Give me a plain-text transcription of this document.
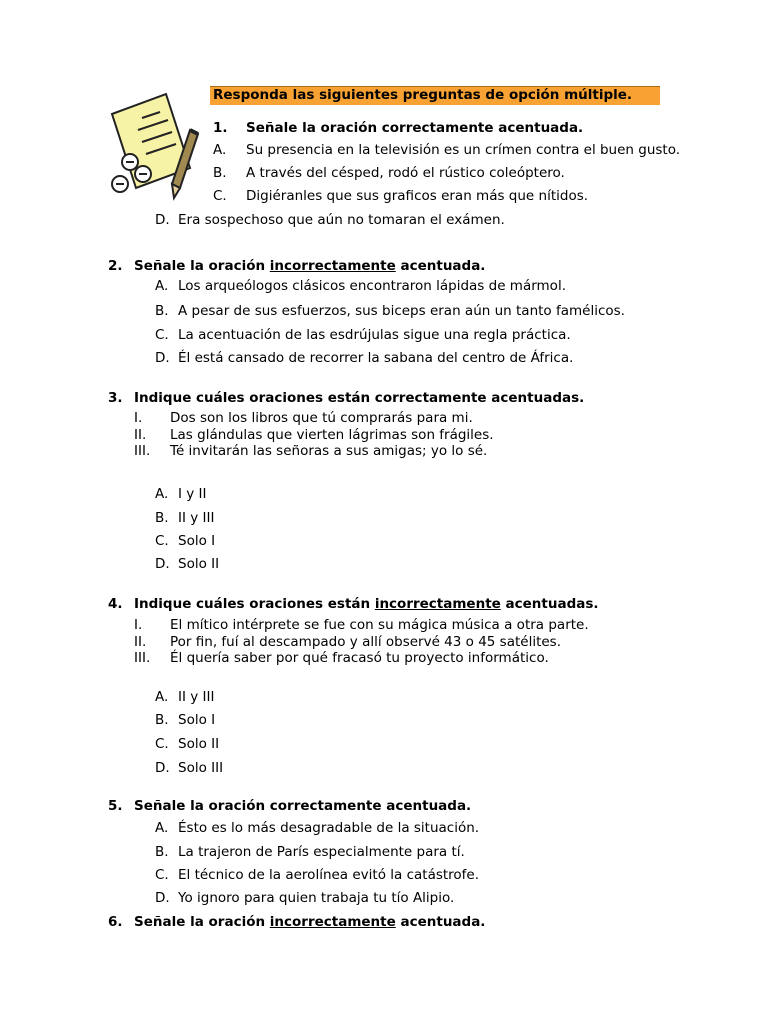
Responda las siguientes preguntas de opción múltiple.
1. Señale la oración correctamente acentuada.
A. Su presencia en la televisión es un crímen contra el buen gusto.
B. A través del césped, rodó el rústico coleóptero.
C. Digiéranles que sus graficos eran más que nítidos.
D. Era sospechoso que aún no tomaran el exámen.
2. Señale la oración incorrectamente acentuada.
A. Los arqueólogos clásicos encontraron lápidas de mármol.
B. A pesar de sus esfuerzos, sus biceps eran aún un tanto famélicos.
C. La acentuación de las esdrújulas sigue una regla práctica.
D. Él está cansado de recorrer la sabana del centro de África.
3. Indique cuáles oraciones están correctamente acentuadas.
I. Dos son los libros que tú comprarás para mi.
II. Las glándulas que vierten lágrimas son frágiles.
III. Té invitarán las señoras a sus amigas; yo lo sé.
A. I y II
B. II y III
C. Solo I
D. Solo II
4. Indique cuáles oraciones están incorrectamente acentuadas.
I. El mítico intérprete se fue con su mágica música a otra parte.
II. Por fin, fuí al descampado y allí observé 43 o 45 satélites.
III. Él quería saber por qué fracasó tu proyecto informático.
A. II y III
B. Solo I
C. Solo II
D. Solo III
5. Señale la oración correctamente acentuada.
A. Ésto es lo más desagradable de la situación.
B. La trajeron de París especialmente para tí.
C. El técnico de la aerolínea evitó la catástrofe.
D. Yo ignoro para quien trabaja tu tío Alipio.
6. Señale la oración incorrectamente acentuada.
